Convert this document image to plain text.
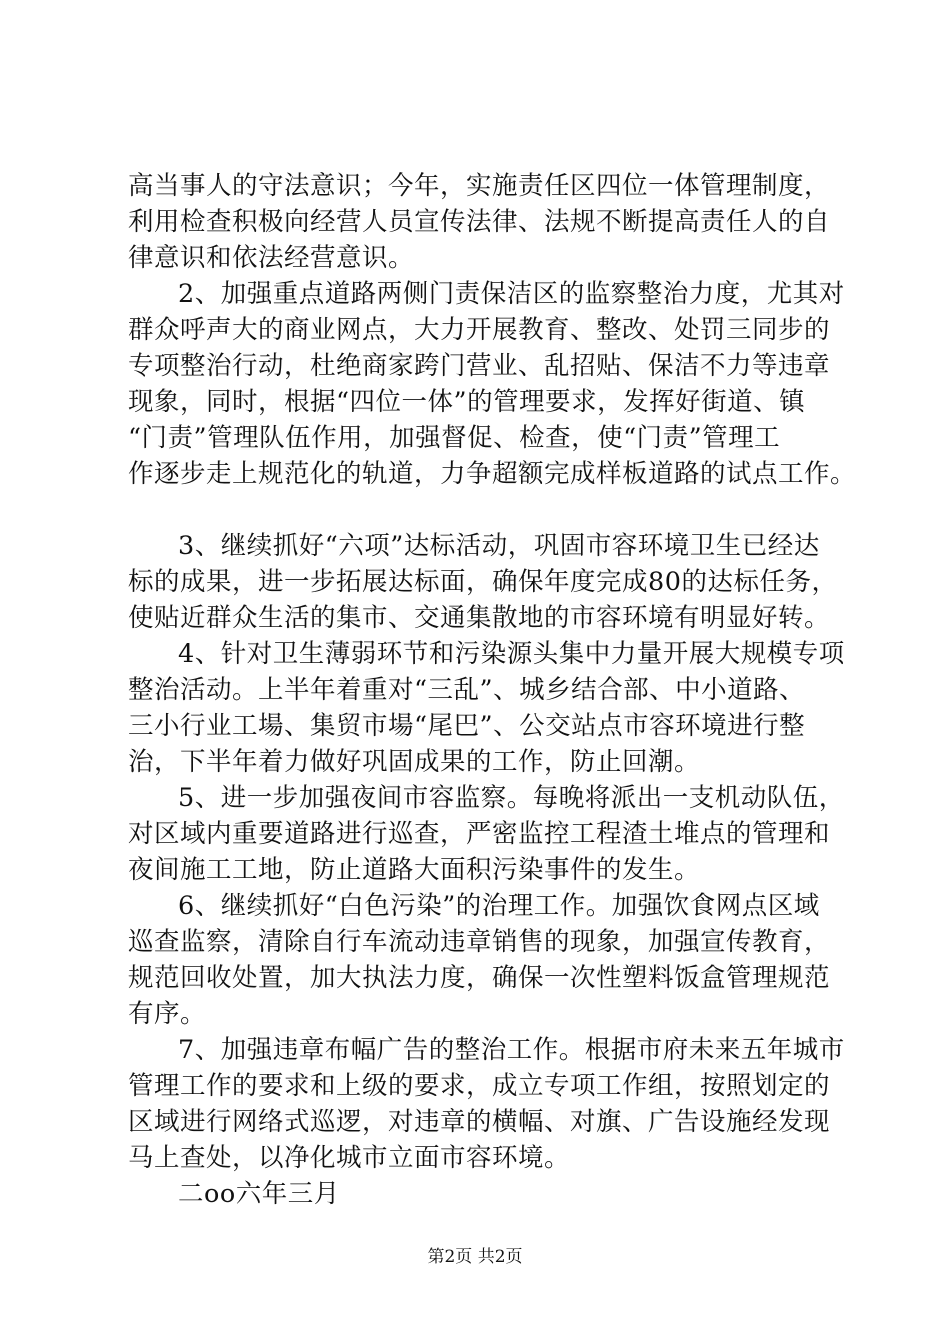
高当事人的守法意识；今年，实施责任区四位一体管理制度，
利用检查积极向经营人员宣传法律、法规不断提高责任人的自
律意识和依法经营意识。
2、加强重点道路两侧门责保洁区的监察整治力度，尤其对
群众呼声大的商业网点，大力开展教育、整改、处罚三同步的
专项整治行动，杜绝商家跨门营业、乱招贴、保洁不力等违章
现象，同时，根据“四位一体”的管理要求，发挥好街道、镇
“门责”管理队伍作用，加强督促、检查，使“门责”管理工
作逐步走上规范化的轨道，力争超额完成样板道路的试点工作。
3、继续抓好“六项”达标活动，巩固市容环境卫生已经达
标的成果，进一步拓展达标面，确保年度完成80的达标任务，
使贴近群众生活的集市、交通集散地的市容环境有明显好转。
4、针对卫生薄弱环节和污染源头集中力量开展大规模专项
整治活动。上半年着重对“三乱”、城乡结合部、中小道路、
三小行业工場、集贸市場“尾巴”、公交站点市容环境进行整
治，下半年着力做好巩固成果的工作，防止回潮。
5、进一步加强夜间市容监察。每晚将派出一支机动队伍，
对区域内重要道路进行巡查，严密监控工程渣土堆点的管理和
夜间施工工地，防止道路大面积污染事件的发生。
6、继续抓好“白色污染”的治理工作。加强饮食网点区域
巡查监察，清除自行车流动违章销售的现象，加强宣传教育，
规范回收处置，加大执法力度，确保一次性塑料饭盒管理规范
有序。
7、加强违章布幅广告的整治工作。根据市府未来五年城市
管理工作的要求和上级的要求，成立专项工作组，按照划定的
区域进行网络式巡逻，对违章的横幅、对旗、广告设施经发现
马上查处，以净化城市立面市容环境。
二oo六年三月
第2页 共2页
